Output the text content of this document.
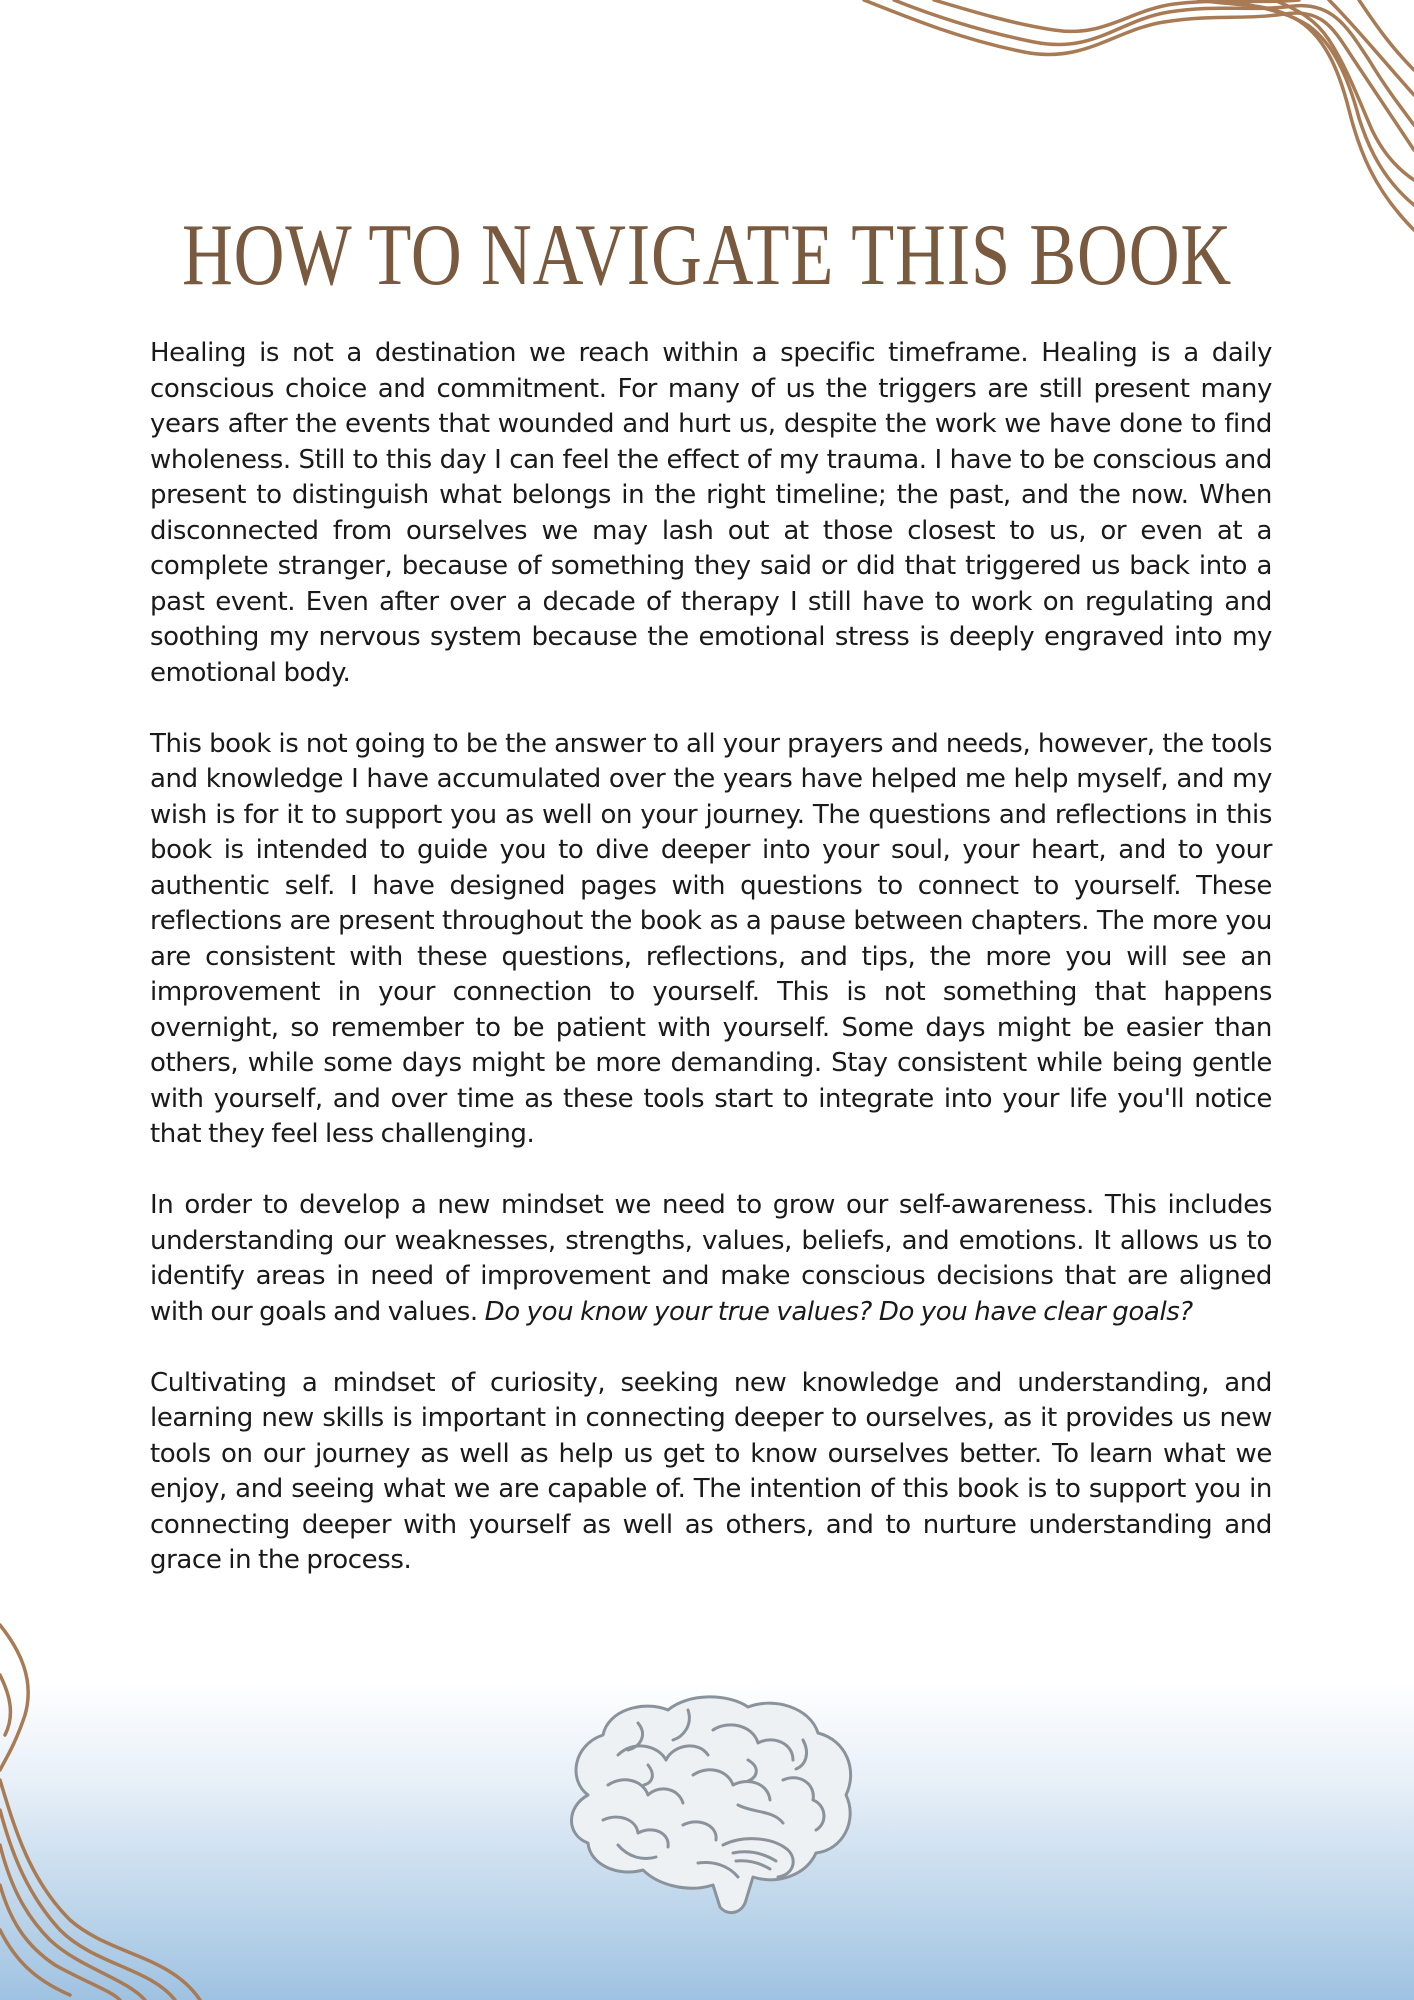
HOW TO NAVIGATE THIS BOOK

Healing is not a destination we reach within a specific timeframe. Healing is a daily conscious choice and commitment. For many of us the triggers are still present many years after the events that wounded and hurt us, despite the work we have done to find wholeness. Still to this day I can feel the effect of my trauma. I have to be conscious and present to distinguish what belongs in the right timeline; the past, and the now. When disconnected from ourselves we may lash out at those closest to us, or even at a complete stranger, because of something they said or did that triggered us back into a past event. Even after over a decade of therapy I still have to work on regulating and soothing my nervous system because the emotional stress is deeply engraved into my emotional body.

This book is not going to be the answer to all your prayers and needs, however, the tools and knowledge I have accumulated over the years have helped me help myself, and my wish is for it to support you as well on your journey. The questions and reflections in this book is intended to guide you to dive deeper into your soul, your heart, and to your authentic self. I have designed pages with questions to connect to yourself. These reflections are present throughout the book as a pause between chapters. The more you are consistent with these questions, reflections, and tips, the more you will see an improvement in your connection to yourself. This is not something that happens overnight, so remember to be patient with yourself. Some days might be easier than others, while some days might be more demanding. Stay consistent while being gentle with yourself, and over time as these tools start to integrate into your life you'll notice that they feel less challenging.

In order to develop a new mindset we need to grow our self-awareness. This includes understanding our weaknesses, strengths, values, beliefs, and emotions. It allows us to identify areas in need of improvement and make conscious decisions that are aligned with our goals and values. Do you know your true values? Do you have clear goals?

Cultivating a mindset of curiosity, seeking new knowledge and understanding, and learning new skills is important in connecting deeper to ourselves, as it provides us new tools on our journey as well as help us get to know ourselves better. To learn what we enjoy, and seeing what we are capable of. The intention of this book is to support you in connecting deeper with yourself as well as others, and to nurture understanding and grace in the process.
